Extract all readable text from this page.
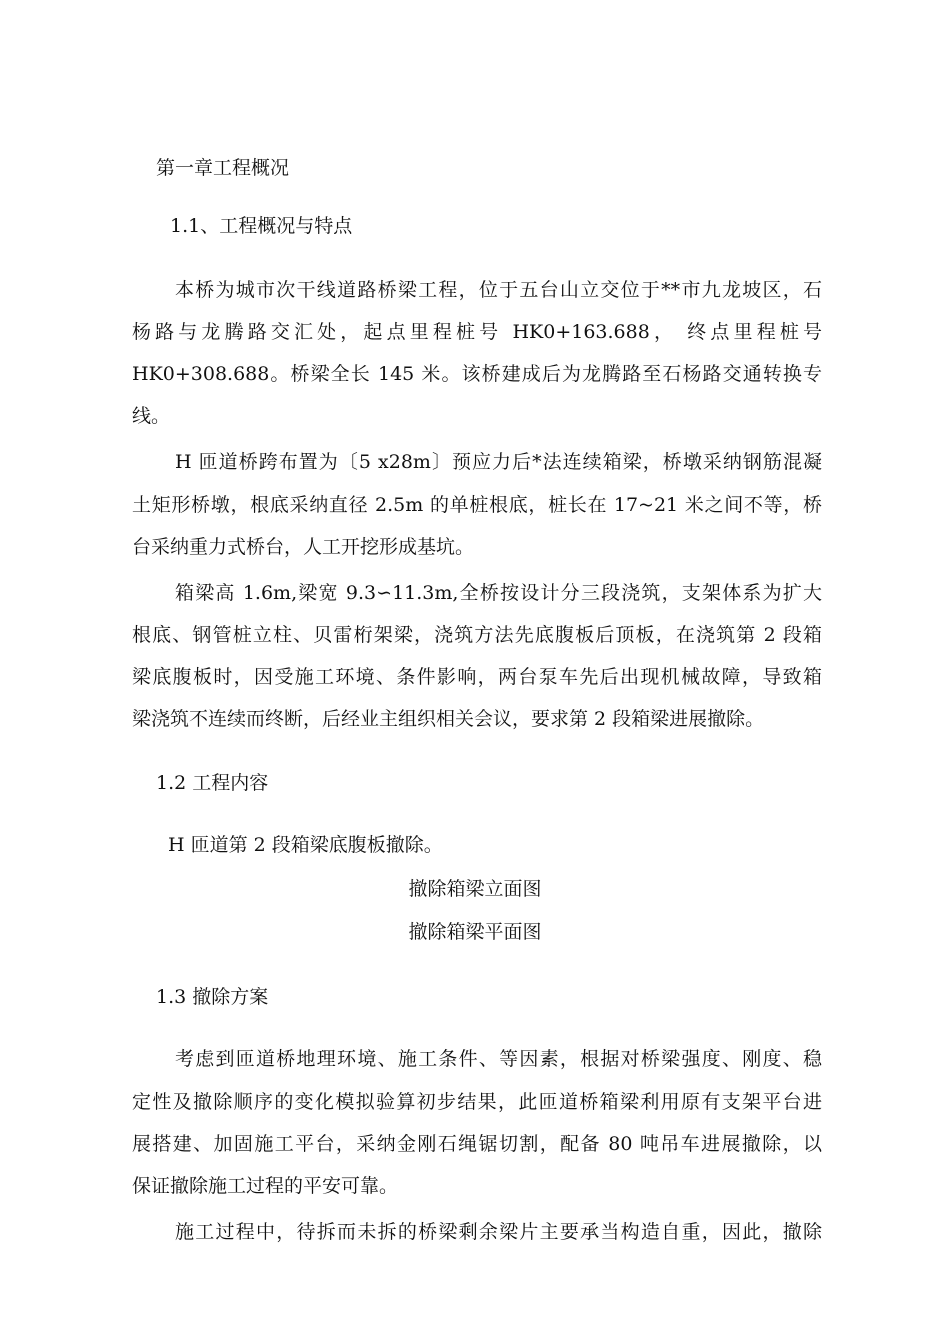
第一章工程概况
1.1、工程概况与特点
本桥为城市次干线道路桥梁工程，位于五台山立交位于**市九龙坡区，石
杨路与龙腾路交汇处，起点里程桩号 HK0+163.688， 终点里程桩号
HK0+308.688。桥梁全长 145 米。该桥建成后为龙腾路至石杨路交通转换专
线。
H 匝道桥跨布置为〔5 x28m〕预应力后*法连续箱梁，桥墩采纳钢筋混凝
土矩形桥墩，根底采纳直径 2.5m 的单桩根底，桩长在 17~21 米之间不等，桥
台采纳重力式桥台，人工开挖形成基坑。
箱梁高 1.6m,梁宽 9.3∽11.3m,全桥按设计分三段浇筑，支架体系为扩大
根底、钢管桩立柱、贝雷桁架梁，浇筑方法先底腹板后顶板，在浇筑第 2 段箱
梁底腹板时，因受施工环境、条件影响，两台泵车先后出现机械故障，导致箱
梁浇筑不连续而终断，后经业主组织相关会议，要求第 2 段箱梁进展撤除。
1.2 工程内容
H 匝道第 2 段箱梁底腹板撤除。
撤除箱梁立面图
撤除箱梁平面图
1.3 撤除方案
考虑到匝道桥地理环境、施工条件、等因素，根据对桥梁强度、刚度、稳
定性及撤除顺序的变化模拟验算初步结果，此匝道桥箱梁利用原有支架平台进
展搭建、加固施工平台，采纳金刚石绳锯切割，配备 80 吨吊车进展撤除，以
保证撤除施工过程的平安可靠。
施工过程中，待拆而未拆的桥梁剩余梁片主要承当构造自重，因此，撤除
